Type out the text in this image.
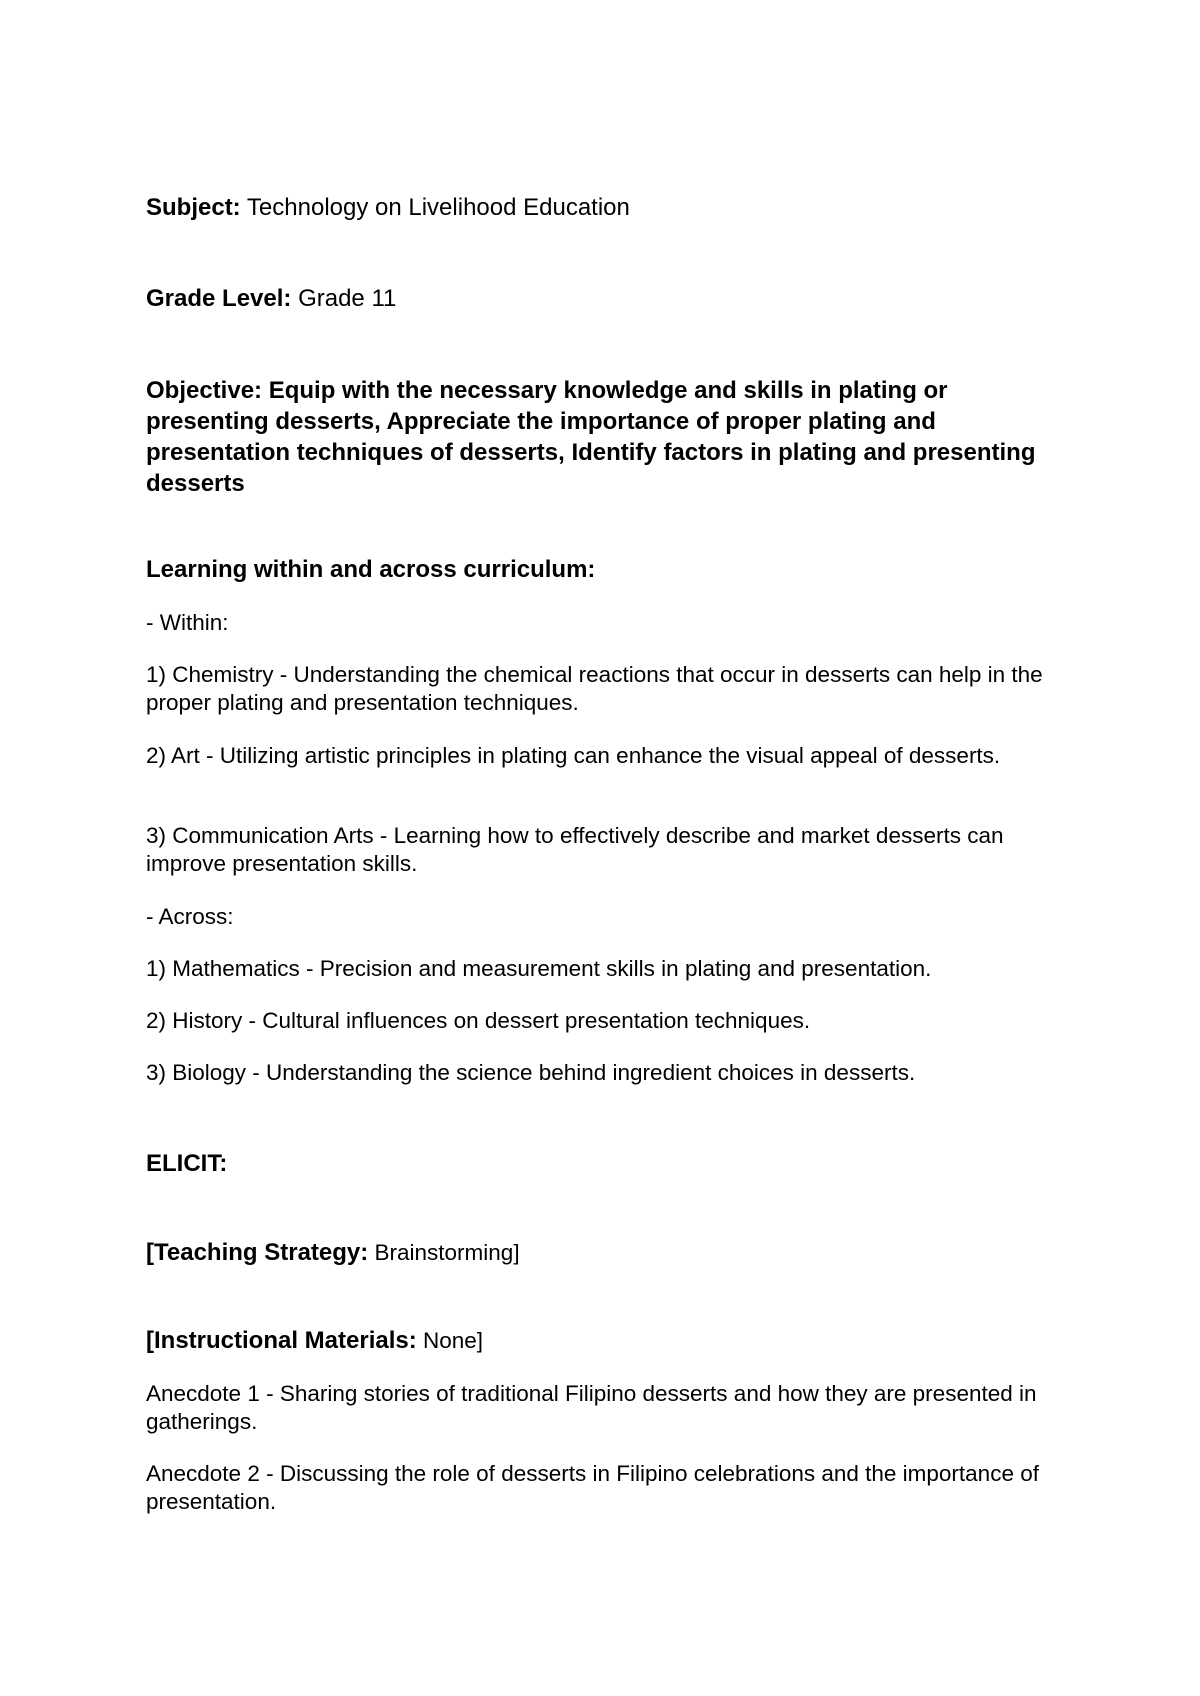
Subject: Technology on Livelihood Education

Grade Level: Grade 11

Objective: Equip with the necessary knowledge and skills in plating or presenting desserts, Appreciate the importance of proper plating and presentation techniques of desserts, Identify factors in plating and presenting desserts

Learning within and across curriculum:

- Within:

1) Chemistry - Understanding the chemical reactions that occur in desserts can help in the proper plating and presentation techniques.

2) Art - Utilizing artistic principles in plating can enhance the visual appeal of desserts.

3) Communication Arts - Learning how to effectively describe and market desserts can improve presentation skills.

- Across:

1) Mathematics - Precision and measurement skills in plating and presentation.

2) History - Cultural influences on dessert presentation techniques.

3) Biology - Understanding the science behind ingredient choices in desserts.

ELICIT:

[Teaching Strategy: Brainstorming]

[Instructional Materials: None]

Anecdote 1 - Sharing stories of traditional Filipino desserts and how they are presented in gatherings.

Anecdote 2 - Discussing the role of desserts in Filipino celebrations and the importance of presentation.
